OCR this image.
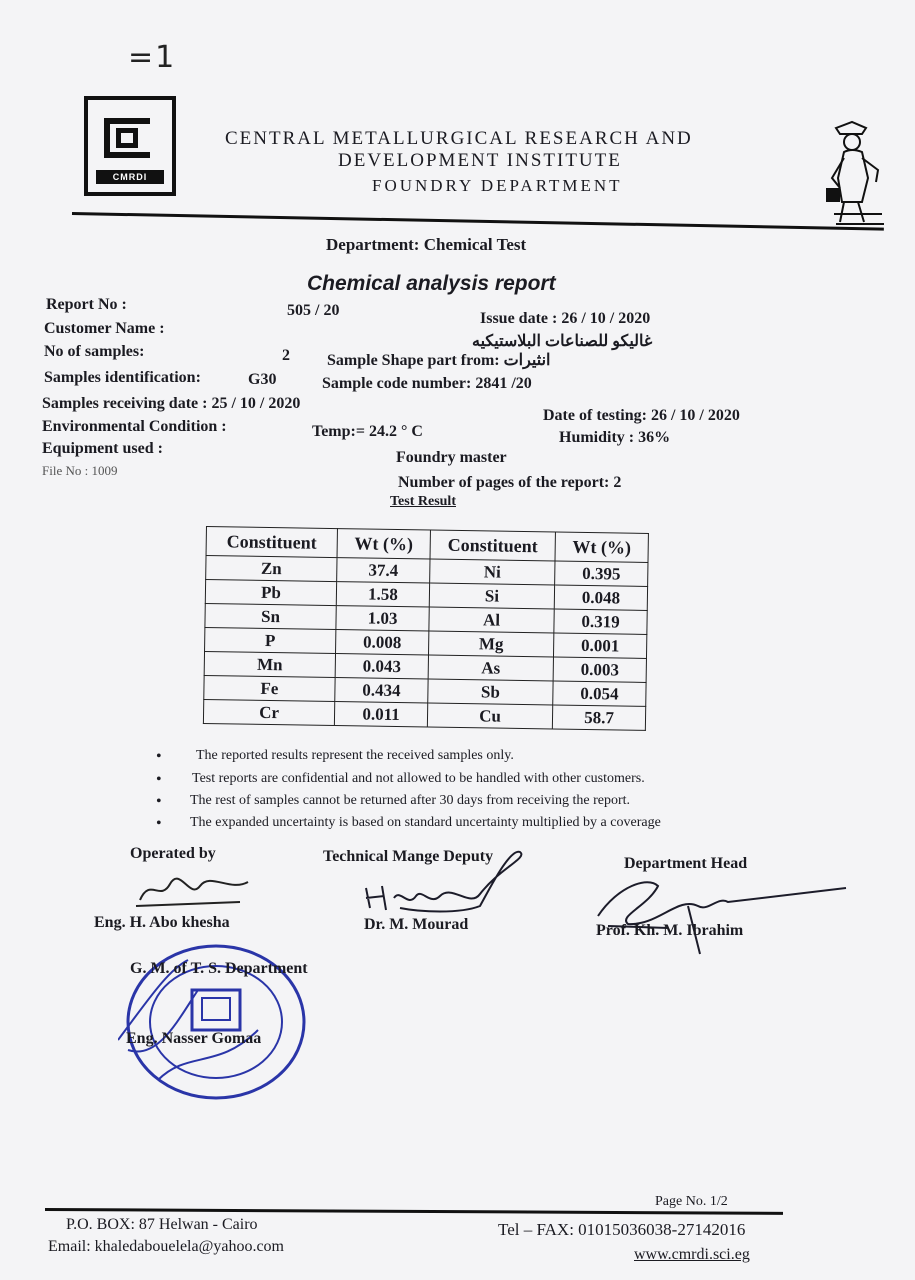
=1
CMRDI
CENTRAL METALLURGICAL RESEARCH AND
DEVELOPMENT INSTITUTE
FOUNDRY DEPARTMENT
Department: Chemical Test
Chemical analysis report
Report No :	505 / 20	Issue date : 26 / 10 / 2020
Customer Name :
غاليكو للصناعات البلاستيكيه
No of samples:	2 Sample Shape part from: انثيرات
Samples identification:	G30	Sample code number: 2841 /20
Samples receiving date : 25 / 10 / 2020
Date of testing: 26 / 10 / 2020
Environmental Condition :	Temp:= 24.2 ° C	Humidity : 36%
Equipment used :
Foundry master
File No : 1009
Number of pages of the report: 2
Test Result
Constituent	Wt (%)	Constituent	Wt (%)
Zn	37.4	Ni	0.395
Pb	1.58	Si	0.048
Sn	1.03	Al	0.319
P	0.008	Mg	0.001
Mn	0.043	As	0.003
Fe	0.434	Sb	0.054
Cr	0.011	Cu	58.7
• The reported results represent the received samples only.
• Test reports are confidential and not allowed to be handled with other customers.
• The rest of samples cannot be returned after 30 days from receiving the report.
• The expanded uncertainty is based on standard uncertainty multiplied by a coverage
Operated by	Technical Mange Deputy	Department Head
Eng. H. Abo khesha	Dr. M. Mourad	Prof. Kh. M. Ibrahim
G. M. of T. S. Department
Eng. Nasser Gomaa
Page No. 1/2
P.O. BOX: 87 Helwan - Cairo
Email: khaledabouelela@yahoo.com
Tel – FAX: 01015036038-27142016
www.cmrdi.sci.eg
